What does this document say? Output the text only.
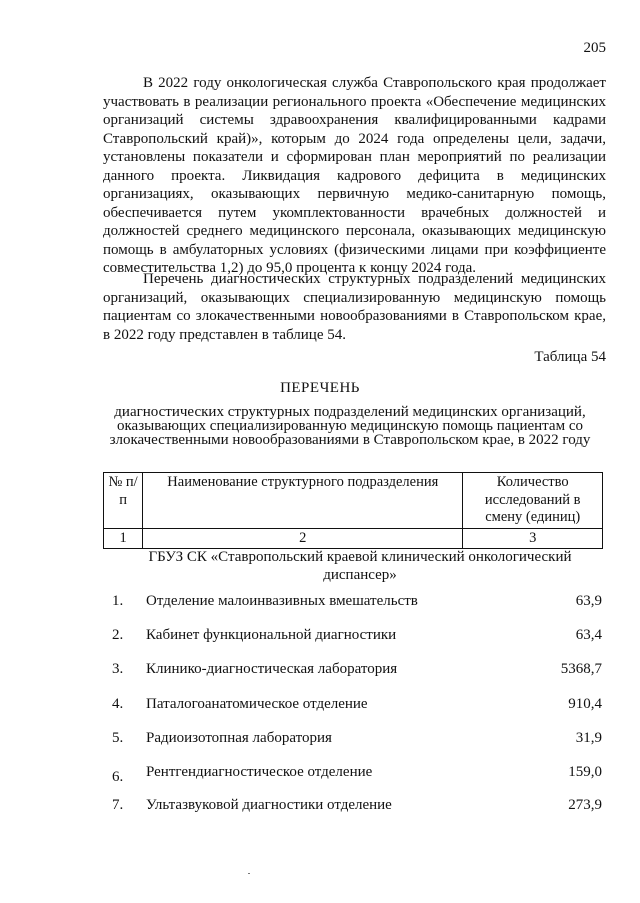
205

В 2022 году онкологическая служба Ставропольского края продолжает участвовать в реализации регионального проекта «Обеспечение медицинских организаций системы здравоохранения квалифицированными кадрами Ставропольский край)», которым до 2024 года определены цели, задачи, установлены показатели и сформирован план мероприятий по реализации данного проекта. Ликвидация кадрового дефицита в медицинских организациях, оказывающих первичную медико-санитарную помощь, обеспечивается путем укомплектованности врачебных должностей и должностей среднего медицинского персонала, оказывающих медицинскую помощь в амбулаторных условиях (физическими лицами при коэффициенте совместительства 1,2) до 95,0 процента к концу 2024 года.

Перечень диагностических структурных подразделений медицинских организаций, оказывающих специализированную медицинскую помощь пациентам со злокачественными новообразованиями в Ставропольском крае, в 2022 году представлен в таблице 54.

Таблица 54
ПЕРЕЧЕНЬ

диагностических структурных подразделений медицинских организаций, оказывающих специализированную медицинскую помощь пациентам со злокачественными новообразованиями в Ставропольском крае, в 2022 году

№ п/п	Наименование структурного подразделения	Количество исследований в смену (единиц)
1	2	3

ГБУЗ СК «Ставропольский краевой клинический онкологический диспансер»

1. Отделение малоинвазивных вмешательств	63,9
2. Кабинет функциональной диагностики	63,4
3. Клинико-диагностическая лаборатория	5368,7
4. Паталогоанатомическое отделение	910,4
5. Радиоизотопная лаборатория	31,9
6. Рентгендиагностическое отделение	159,0
7. Ультазвуковой диагностики отделение	273,9
